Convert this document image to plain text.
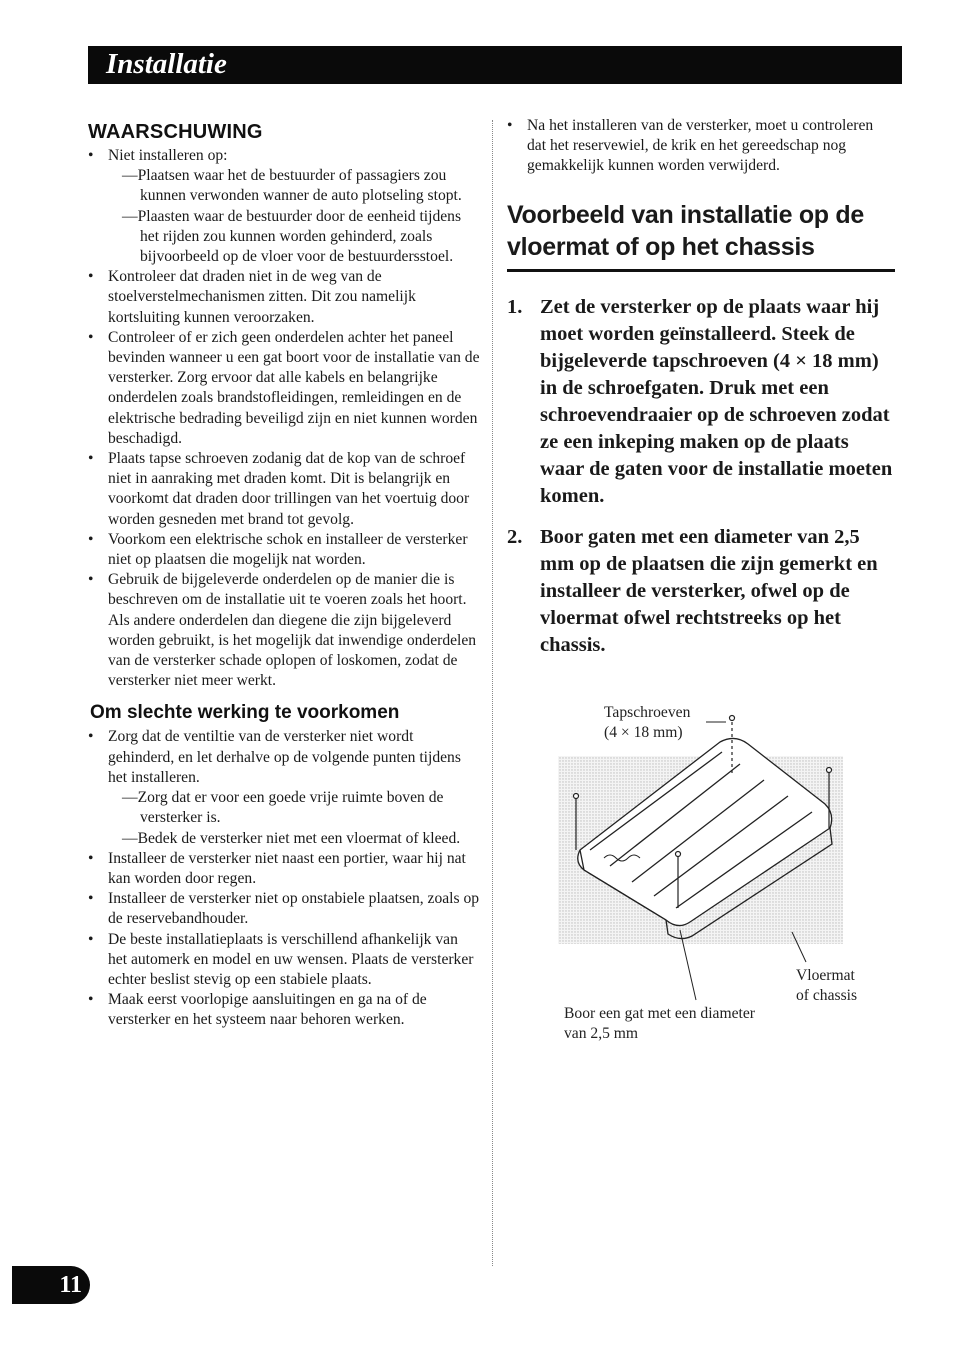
Installatie
WAARSCHUWING
• Niet installeren op:
—Plaatsen waar het de bestuurder of passagiers zou kunnen verwonden wanner de auto plotseling stopt.
—Plaasten waar de bestuurder door de eenheid tijdens het rijden zou kunnen worden gehinderd, zoals bijvoorbeeld op de vloer voor de bestuurdersstoel.
• Kontroleer dat draden niet in de weg van de stoelverstelmechanismen zitten. Dit zou namelijk kortsluiting kunnen veroorzaken.
• Controleer of er zich geen onderdelen achter het paneel bevinden wanneer u een gat boort voor de installatie van de versterker. Zorg ervoor dat alle kabels en belangrijke onderdelen zoals brandstofleidingen, remleidingen en de elektrische bedrading beveiligd zijn en niet kunnen worden beschadigd.
• Plaats tapse schroeven zodanig dat de kop van de schroef niet in aanraking met draden komt. Dit is belangrijk en voorkomt dat draden door trillingen van het voertuig door worden gesneden met brand tot gevolg.
• Voorkom een elektrische schok en installeer de versterker niet op plaatsen die mogelijk nat worden.
• Gebruik de bijgeleverde onderdelen op de manier die is beschreven om de installatie uit te voeren zoals het hoort. Als andere onderdelen dan diegene die zijn bijgeleverd worden gebruikt, is het mogelijk dat inwendige onderdelen van de versterker schade oplopen of loskomen, zodat de versterker niet meer werkt.
Om slechte werking te voorkomen
• Zorg dat de ventiltie van de versterker niet wordt gehinderd, en let derhalve op de volgende punten tijdens het installeren.
—Zorg dat er voor een goede vrije ruimte boven de versterker is.
—Bedek de versterker niet met een vloermat of kleed.
• Installeer de versterker niet naast een portier, waar hij nat kan worden door regen.
• Installeer de versterker niet op onstabiele plaatsen, zoals op de reservebandhouder.
• De beste installatieplaats is verschillend afhankelijk van het automerk en model en uw wensen. Plaats de versterker echter beslist stevig op een stabiele plaats.
• Maak eerst voorlopige aansluitingen en ga na of de versterker en het systeem naar behoren werken.
• Na het installeren van de versterker, moet u controleren dat het reservewiel, de krik en het gereedschap nog gemakkelijk kunnen worden verwijderd.
Voorbeeld van installatie op de vloermat of op het chassis
1. Zet de versterker op de plaats waar hij moet worden geïnstalleerd. Steek de bijgeleverde tapschroeven (4 × 18 mm) in de schroefgaten. Druk met een schroevendraaier op de schroeven zodat ze een inkeping maken op de plaats waar de gaten voor de installatie moeten komen.
2. Boor gaten met een diameter van 2,5 mm op de plaatsen die zijn gemerkt en installeer de versterker, ofwel op de vloermat ofwel rechtstreeks op het chassis.
Tapschroeven
(4 × 18 mm)
Vloermat
of chassis
Boor een gat met een diameter
van 2,5 mm
11
